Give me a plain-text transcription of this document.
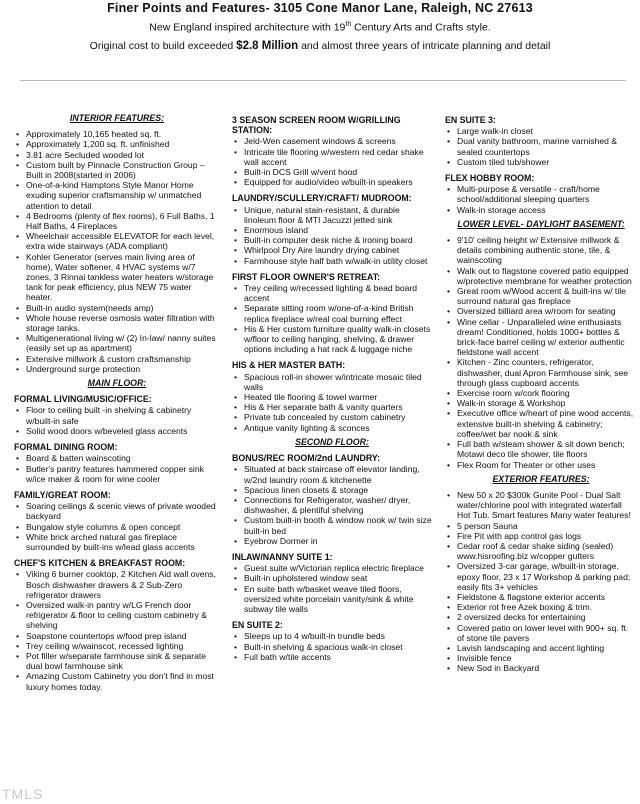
Finer Points and Features- 3105 Cone Manor Lane, Raleigh, NC 27613
New England inspired architecture with 19th Century Arts and Crafts style.
Original cost to build exceeded $2.8 Million and almost three years of intricate planning and detail
INTERIOR FEATURES:
• Approximately 10,165 heated sq. ft.
• Approximately 1,200 sq. ft. unfinished
• 3.81 acre Secluded wooded lot
• Custom built by Pinnacle Construction Group – Built in 2008(started in 2006)
• One-of-a-kind Hamptons Style Manor Home exuding superior craftsmanship w/ unmatched attention to detail
• 4 Bedrooms (plenty of flex rooms), 6 Full Baths, 1 Half Baths, 4 Fireplaces
• Wheelchair accessible ELEVATOR for each level, extra wide stairways (ADA compliant)
• Kohler Generator (serves main living area of home), Water softener, 4 HVAC systems w/7 zones, 3 Rinnai tankless water heaters w/storage tank for peak efficiency, plus NEW 75 water heater.
• Built-in audio system(needs amp)
• Whole house reverse osmosis water filtration with storage tanks.
• Multigenerational living w/ (2) In-law/ nanny suites (easily set up as apartment)
• Extensive millwork & custom craftsmanship
• Underground surge protection
MAIN FLOOR:
FORMAL LIVING/MUSIC/OFFICE:
• Floor to ceiling built -in shelving & cabinetry w/built-in safe
• Solid wood doors w/beveled glass accents
FORMAL DINING ROOM:
• Board & batten wainscoting
• Butler's pantry features hammered copper sink w/ice maker & room for wine cooler
FAMILY/GREAT ROOM:
• Soaring ceilings & scenic views of private wooded backyard
• Bungalow style columns & open concept
• White brick arched natural gas fireplace surrounded by built-ins w/lead glass accents
CHEF'S KITCHEN & BREAKFAST ROOM:
• Viking 6 burner cooktop, 2 Kitchen Aid wall ovens, Bosch dishwasher drawers & 2 Sub-Zero refrigerator drawers
• Oversized walk-in pantry w/LG French door refrigerator & floor to ceiling custom cabinetry & shelving
• Soapstone countertops w/food prep island
• Trey ceiling w/wainscot, recessed lighting
• Pot filler w/separate farmhouse sink & separate dual bowl farmhouse sink
• Amazing Custom Cabinetry you don't find in most luxury homes today.
3 SEASON SCREEN ROOM W/GRILLING STATION:
• Jeld-Wen casement windows & screens
• Intricate tile flooring w/western red cedar shake wall accent
• Built-in DCS Grill w/vent hood
• Equipped for audio/video w/built-in speakers
LAUNDRY/SCULLERY/CRAFT/ MUDROOM:
• Unique, natural stain-resistant, & durable linoleum floor & MTI Jacuzzi jetted sink
• Enormous island
• Built-in computer desk niche & ironing board
• Whirlpool Dry Aire laundry drying cabinet
• Farmhouse style half bath w/walk-in utility closet
FIRST FLOOR OWNER'S RETREAT:
• Trey ceiling w/recessed lighting & bead board accent
• Separate sitting room w/one-of-a-kind British replica fireplace w/real coal burning effect
• His & Her custom furniture quality walk-in closets w/floor to ceiling hanging, shelving, & drawer options including a hat rack & luggage niche
HIS & HER MASTER BATH:
• Spacious roll-in shower w/intricate mosaic tiled walls
• Heated tile flooring & towel warmer
• His & Her separate bath & vanity quarters
• Private tub concealed by custom cabinetry
• Antique vanity lighting & sconces
SECOND FLOOR:
BONUS/REC ROOM/2nd LAUNDRY:
• Situated at back staircase off elevator landing, w/2nd laundry room & kitchenette
• Spacious linen closets & storage
• Connections for Refrigerator, washer/ dryer, dishwasher, & plentiful shelving
• Custom built-in booth & window nook w/ twin size built-in bed
• Eyebrow Dormer in
INLAW/NANNY SUITE 1:
• Guest suite w/Victorian replica electric fireplace
• Built-in upholstered window seat
• En suite bath w/basket weave tiled floors, oversized white porcelain vanity/sink & white subway tile walls
EN SUITE 2:
• Sleeps up to 4 w/built-in trundle beds
• Built-in shelving & spacious walk-in closet
• Full bath w/tile accents
EN SUITE 3:
• Large walk-in closet
• Dual vanity bathroom, marine varnished & sealed countertops
• Custom tiled tub/shower
FLEX HOBBY ROOM:
• Multi-purpose & versatile - craft/home school/additional sleeping quarters
• Walk-in storage access
LOWER LEVEL- DAYLIGHT BASEMENT:
• 9'10' ceiling height w/ Extensive millwork & details combining authentic stone, tile, & wainscoting
• Walk out to flagstone covered patio equipped w/protective membrane for weather protection
• Great room w/Wood accent & built-ins w/ tile surround natural gas fireplace
• Oversized billiard area w/room for seating
• Wine cellar - Unparalleled wine enthusiasts dream! Conditioned, holds 1000+ bottles & brick-face barrel ceiling w/ exterior authentic fieldstone wall accent
• Kitchen - Zinc counters, refrigerator, dishwasher, dual Apron Farmhouse sink, see through glass cupboard accents
• Exercise room w/cork flooring
• Walk-in storage & Workshop
• Executive office w/heart of pine wood accents, extensive built-in shelving & cabinetry; coffee/wet bar nook & sink
• Full bath w/steam shower & sit down bench; Motawi deco tile shower, tile floors
• Flex Room for Theater or other uses
EXTERIOR FEATURES:
• New 50 x 20 $300k Gunite Pool - Dual Salt water/chlorine pool with integrated waterfall Hot Tub. Smart features Many water features!
• 5 person Sauna
• Fire Pit with app control gas logs
• Cedar roof & cedar shake siding (sealed) www.hisroofing.biz w/copper gutters
• Oversized 3-car garage, w/built-in storage, epoxy floor, 23 x 17 Workshop & parking pad; easily fits 3+ vehicles
• Fieldstone & flagstone exterior accents
• Exterior rot free Azek boxing & trim.
• 2 oversized decks for entertaining
• Covered patio on lower level with 900+ sq. ft. of stone tile pavers
• Lavish landscaping and accent lighting
• Invisible fence
• New Sod in Backyard
TMLS
